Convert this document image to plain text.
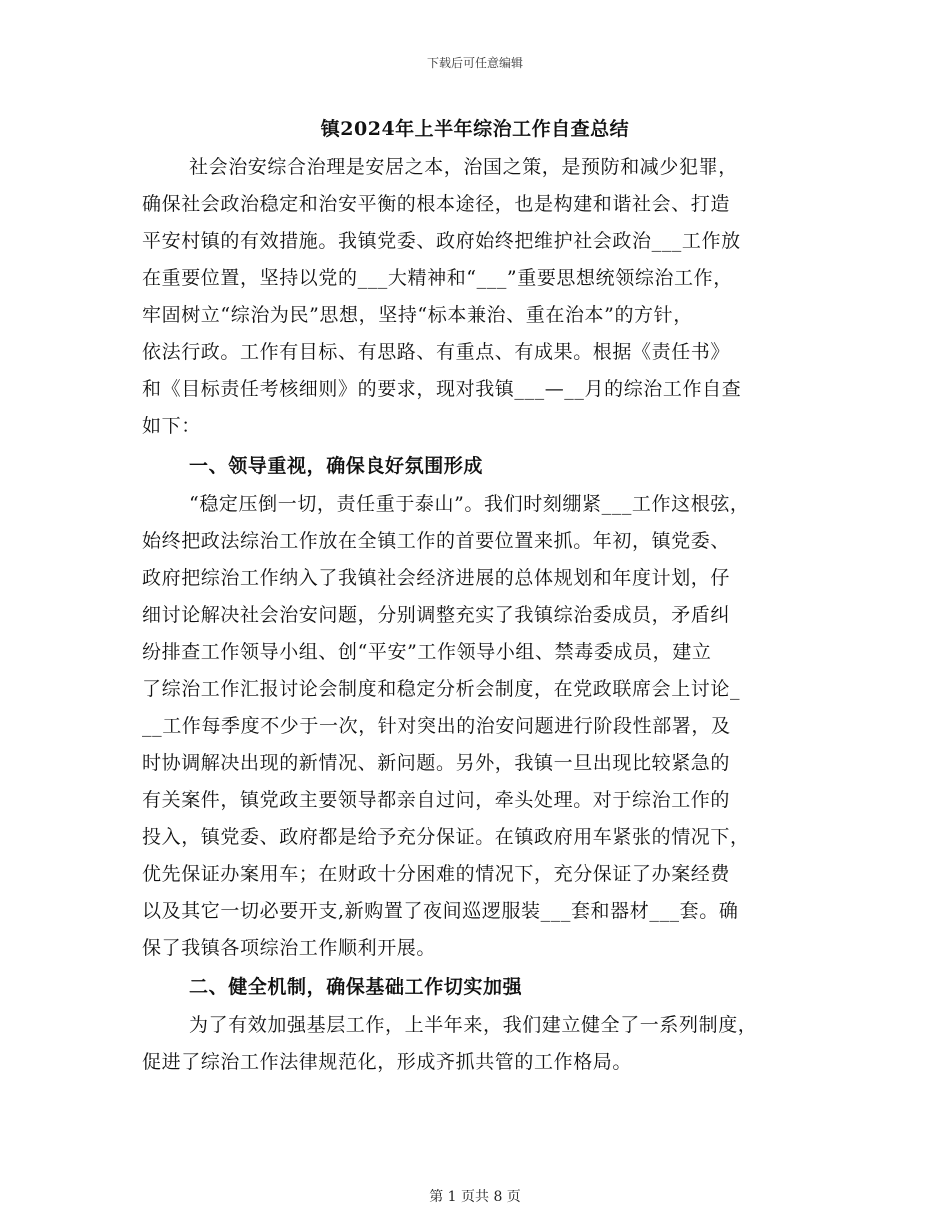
下载后可任意编辑
镇2024年上半年综治工作自查总结
社会治安综合治理是安居之本，治国之策，是预防和减少犯罪，
确保社会政治稳定和治安平衡的根本途径，也是构建和谐社会、打造
平安村镇的有效措施。我镇党委、政府始终把维护社会政治___工作放
在重要位置，坚持以党的___大精神和“___”重要思想统领综治工作，
牢固树立“综治为民”思想，坚持“标本兼治、重在治本”的方针，
依法行政。工作有目标、有思路、有重点、有成果。根据《责任书》
和《目标责任考核细则》的要求，现对我镇___—__月的综治工作自查
如下：
一、领导重视，确保良好氛围形成
“稳定压倒一切，责任重于泰山”。我们时刻绷紧___工作这根弦，
始终把政法综治工作放在全镇工作的首要位置来抓。年初，镇党委、
政府把综治工作纳入了我镇社会经济进展的总体规划和年度计划，仔
细讨论解决社会治安问题，分别调整充实了我镇综治委成员，矛盾纠
纷排查工作领导小组、创“平安”工作领导小组、禁毒委成员，建立
了综治工作汇报讨论会制度和稳定分析会制度，在党政联席会上讨论_
__工作每季度不少于一次，针对突出的治安问题进行阶段性部署，及
时协调解决出现的新情况、新问题。另外，我镇一旦出现比较紧急的
有关案件，镇党政主要领导都亲自过问，牵头处理。对于综治工作的
投入，镇党委、政府都是给予充分保证。在镇政府用车紧张的情况下，
优先保证办案用车；在财政十分困难的情况下，充分保证了办案经费
以及其它一切必要开支,新购置了夜间巡逻服装___套和器材___套。确
保了我镇各项综治工作顺利开展。
二、健全机制，确保基础工作切实加强
为了有效加强基层工作，上半年来，我们建立健全了一系列制度，
促进了综治工作法律规范化，形成齐抓共管的工作格局。
第 1 页共 8 页
